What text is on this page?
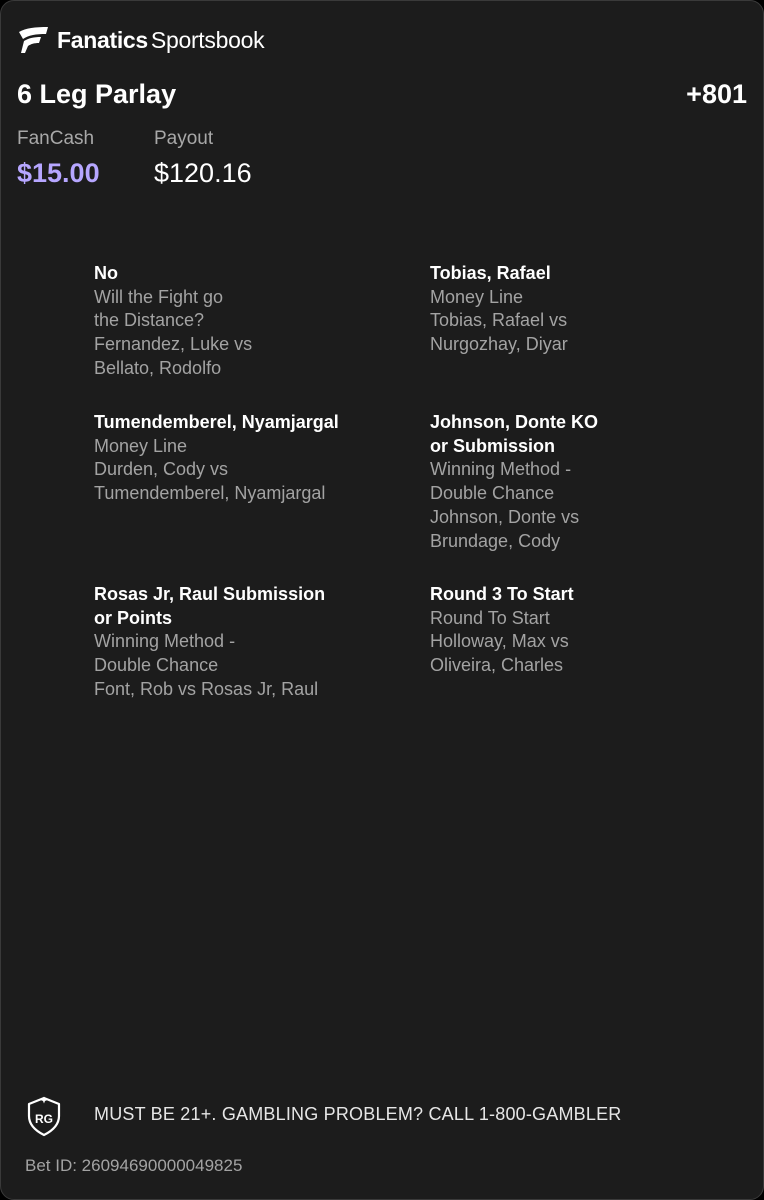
Fanatics Sportsbook
6 Leg Parlay	+801
FanCash
$15.00
Payout
$120.16
No
Will the Fight go
the Distance?
Fernandez, Luke vs
Bellato, Rodolfo
Tobias, Rafael
Money Line
Tobias, Rafael vs
Nurgozhay, Diyar
Tumendemberel, Nyamjargal
Money Line
Durden, Cody vs
Tumendemberel, Nyamjargal
Johnson, Donte KO
or Submission
Winning Method -
Double Chance
Johnson, Donte vs
Brundage, Cody
Rosas Jr, Raul Submission
or Points
Winning Method -
Double Chance
Font, Rob vs Rosas Jr, Raul
Round 3 To Start
Round To Start
Holloway, Max vs
Oliveira, Charles
RG MUST BE 21+. GAMBLING PROBLEM? CALL 1-800-GAMBLER
Bet ID: 26094690000049825
